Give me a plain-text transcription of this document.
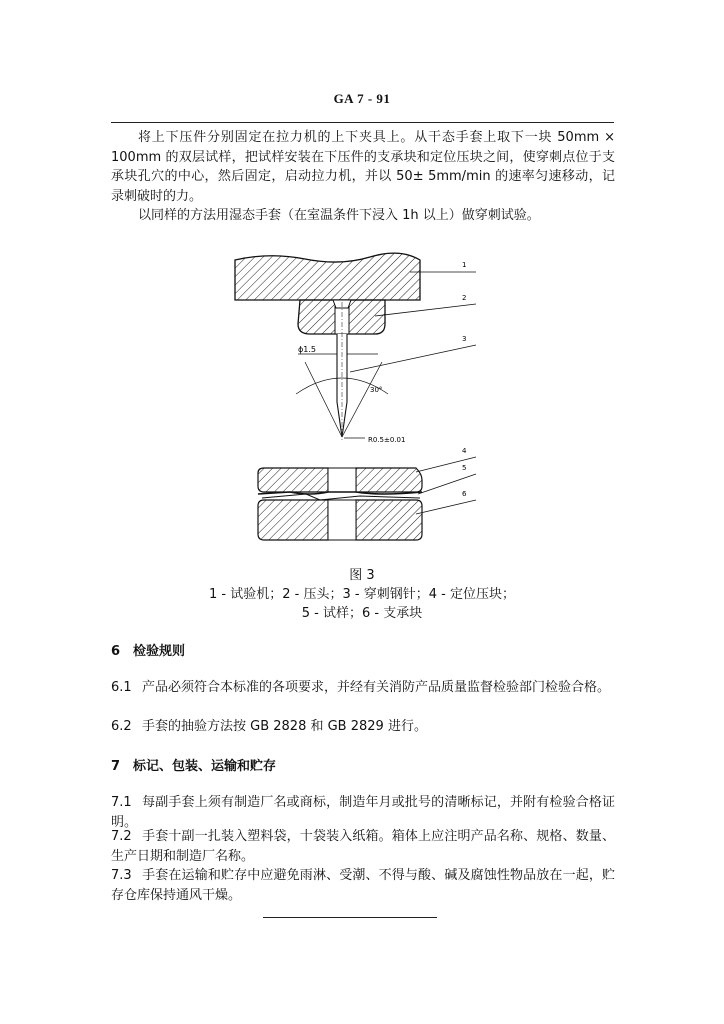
GA 7 - 91

将上下压件分别固定在拉力机的上下夹具上。从干态手套上取下一块 50mm × 100mm 的双层试样，把试样安装在下压件的支承块和定位压块之间，使穿刺点位于支承块孔穴的中心，然后固定，启动拉力机，并以 50± 5mm/min 的速率匀速移动，记录刺破时的力。

以同样的方法用湿态手套（在室温条件下浸入 1h 以上）做穿刺试验。

ϕ1.5
30°
R0.5±0.01
1
2
3
4
5
6
图 3
1 - 试验机；2 - 压头；3 - 穿刺钢针；4 - 定位压块；
5 - 试样；6 - 支承块
6 检验规则

6.1 产品必须符合本标准的各项要求，并经有关消防产品质量监督检验部门检验合格。

6.2 手套的抽验方法按 GB 2828 和 GB 2829 进行。

7 标记、包装、运输和贮存

7.1 每副手套上须有制造厂名或商标，制造年月或批号的清晰标记，并附有检验合格证明。

7.2 手套十副一扎装入塑料袋，十袋装入纸箱。箱体上应注明产品名称、规格、数量、生产日期和制造厂名称。

7.3 手套在运输和贮存中应避免雨淋、受潮、不得与酸、碱及腐蚀性物品放在一起，贮存仓库保持通风干燥。
